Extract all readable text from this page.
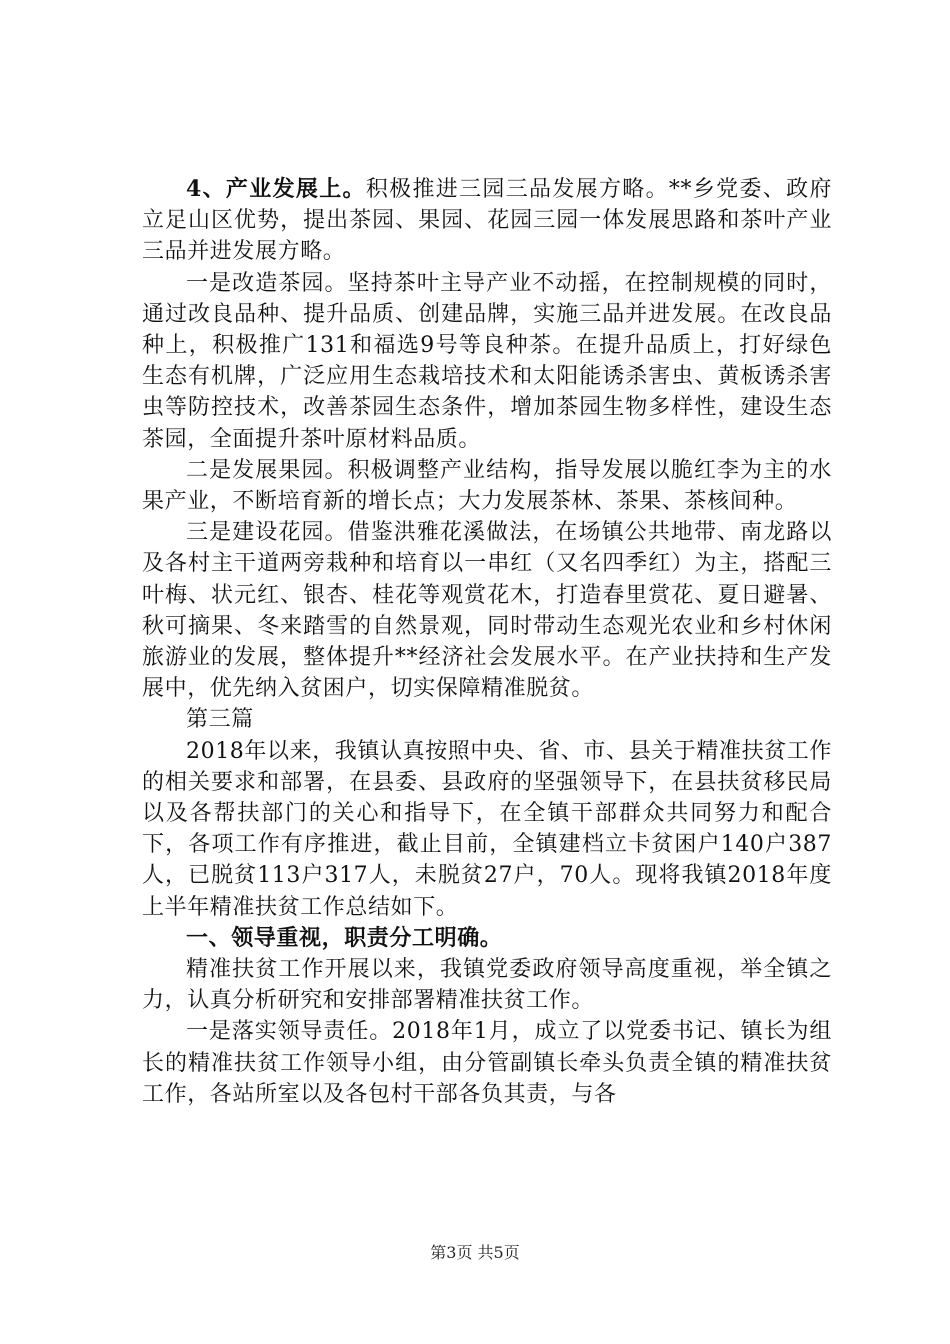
4、产业发展上。积极推进三园三品发展方略。**乡党委、政府立足山区优势，提出茶园、果园、花园三园一体发展思路和茶叶产业三品并进发展方略。

一是改造茶园。坚持茶叶主导产业不动摇，在控制规模的同时，通过改良品种、提升品质、创建品牌，实施三品并进发展。在改良品种上，积极推广131和福选9号等良种茶。在提升品质上，打好绿色生态有机牌，广泛应用生态栽培技术和太阳能诱杀害虫、黄板诱杀害虫等防控技术，改善茶园生态条件，增加茶园生物多样性，建设生态茶园，全面提升茶叶原材料品质。

二是发展果园。积极调整产业结构，指导发展以脆红李为主的水果产业，不断培育新的增长点；大力发展茶林、茶果、茶核间种。

三是建设花园。借鉴洪雅花溪做法，在场镇公共地带、南龙路以及各村主干道两旁栽种和培育以一串红（又名四季红）为主，搭配三叶梅、状元红、银杏、桂花等观赏花木，打造春里赏花、夏日避暑、秋可摘果、冬来踏雪的自然景观，同时带动生态观光农业和乡村休闲旅游业的发展，整体提升**经济社会发展水平。在产业扶持和生产发展中，优先纳入贫困户，切实保障精准脱贫。

第三篇

2018年以来，我镇认真按照中央、省、市、县关于精准扶贫工作的相关要求和部署，在县委、县政府的坚强领导下，在县扶贫移民局以及各帮扶部门的关心和指导下，在全镇干部群众共同努力和配合下，各项工作有序推进，截止目前，全镇建档立卡贫困户140户387人，已脱贫113户317人，未脱贫27户，70人。现将我镇2018年度上半年精准扶贫工作总结如下。

一、领导重视，职责分工明确。

精准扶贫工作开展以来，我镇党委政府领导高度重视，举全镇之力，认真分析研究和安排部署精准扶贫工作。

一是落实领导责任。2018年1月，成立了以党委书记、镇长为组长的精准扶贫工作领导小组，由分管副镇长牵头负责全镇的精准扶贫工作，各站所室以及各包村干部各负其责，与各

第3页 共5页
